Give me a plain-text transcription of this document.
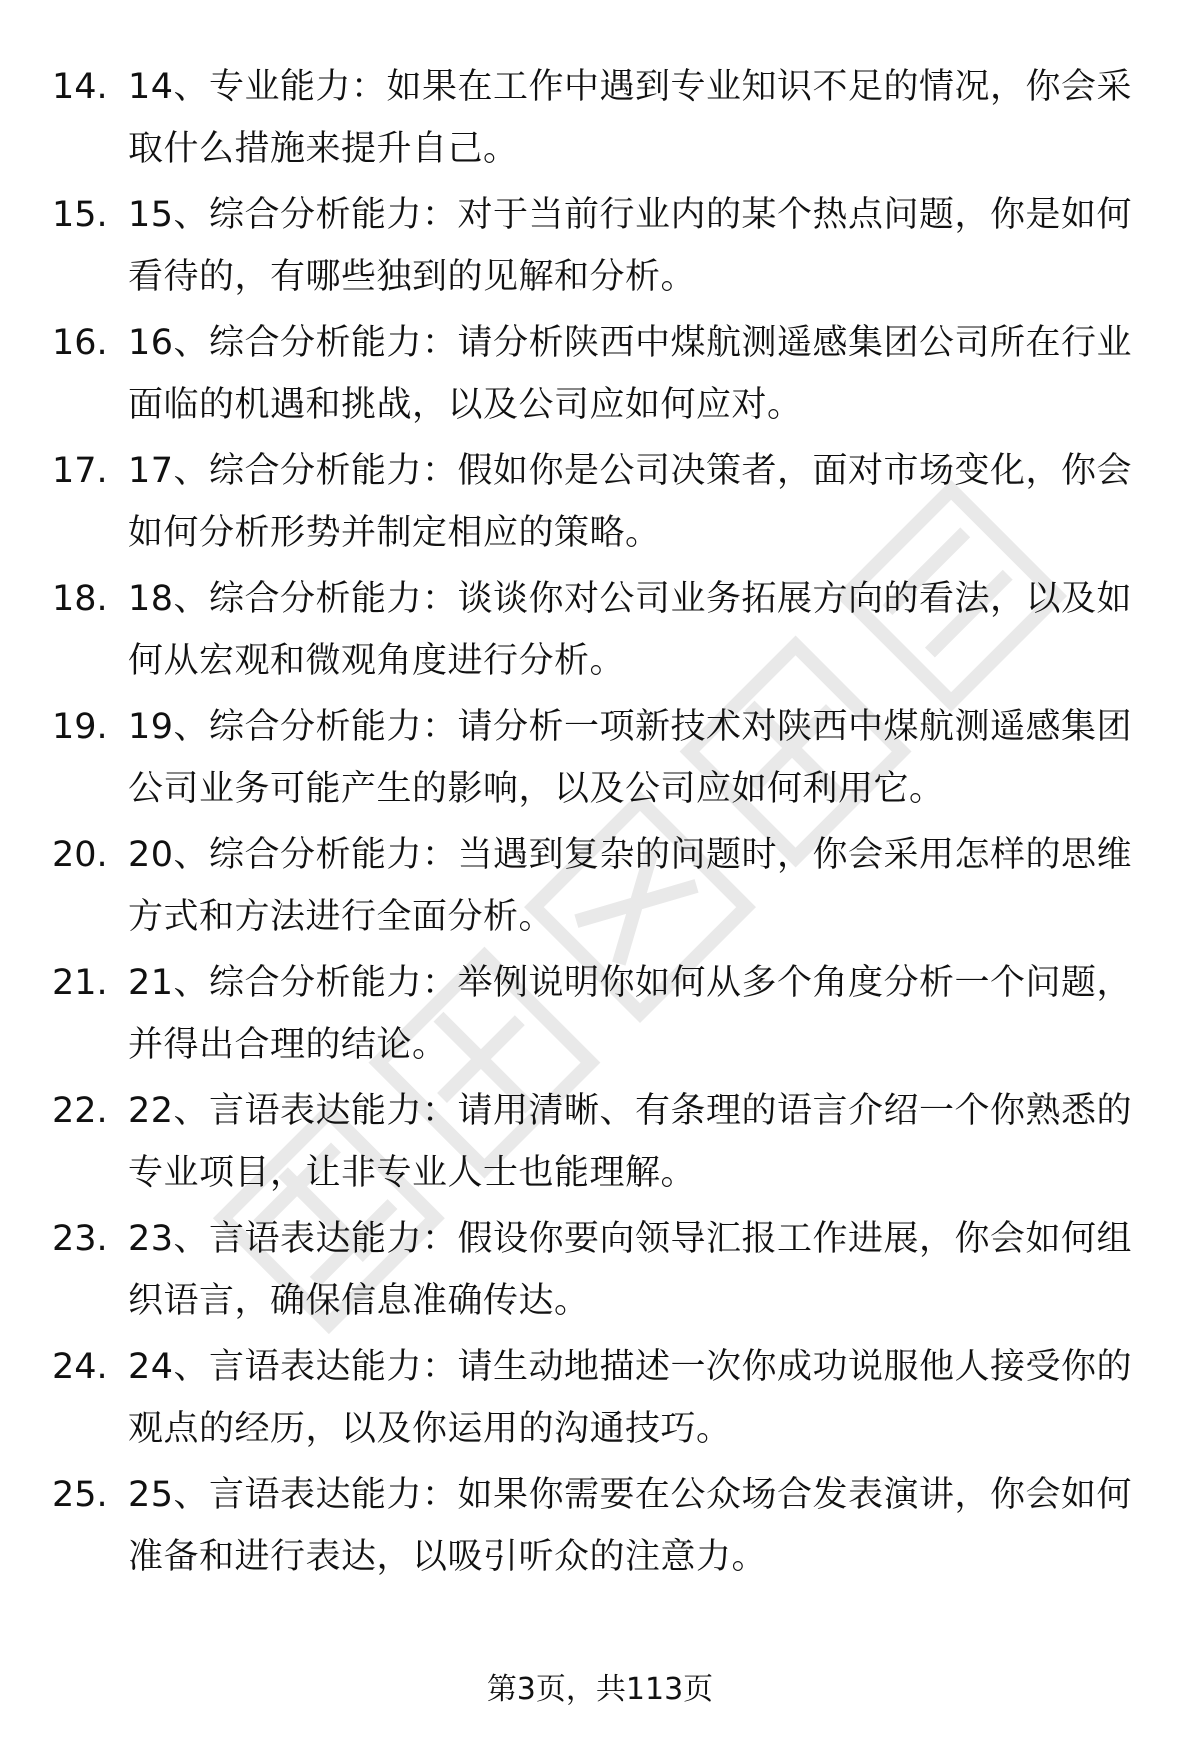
14. 14、专业能力：如果在工作中遇到专业知识不足的情况，你会采取什么措施来提升自己。
15. 15、综合分析能力：对于当前行业内的某个热点问题，你是如何看待的，有哪些独到的见解和分析。
16. 16、综合分析能力：请分析陕西中煤航测遥感集团公司所在行业面临的机遇和挑战，以及公司应如何应对。
17. 17、综合分析能力：假如你是公司决策者，面对市场变化，你会如何分析形势并制定相应的策略。
18. 18、综合分析能力：谈谈你对公司业务拓展方向的看法，以及如何从宏观和微观角度进行分析。
19. 19、综合分析能力：请分析一项新技术对陕西中煤航测遥感集团公司业务可能产生的影响，以及公司应如何利用它。
20. 20、综合分析能力：当遇到复杂的问题时，你会采用怎样的思维方式和方法进行全面分析。
21. 21、综合分析能力：举例说明你如何从多个角度分析一个问题，并得出合理的结论。
22. 22、言语表达能力：请用清晰、有条理的语言介绍一个你熟悉的专业项目，让非专业人士也能理解。
23. 23、言语表达能力：假设你要向领导汇报工作进展，你会如何组织语言，确保信息准确传达。
24. 24、言语表达能力：请生动地描述一次你成功说服他人接受你的观点的经历，以及你运用的沟通技巧。
25. 25、言语表达能力：如果你需要在公众场合发表演讲，你会如何准备和进行表达，以吸引听众的注意力。
第3页，共113页
